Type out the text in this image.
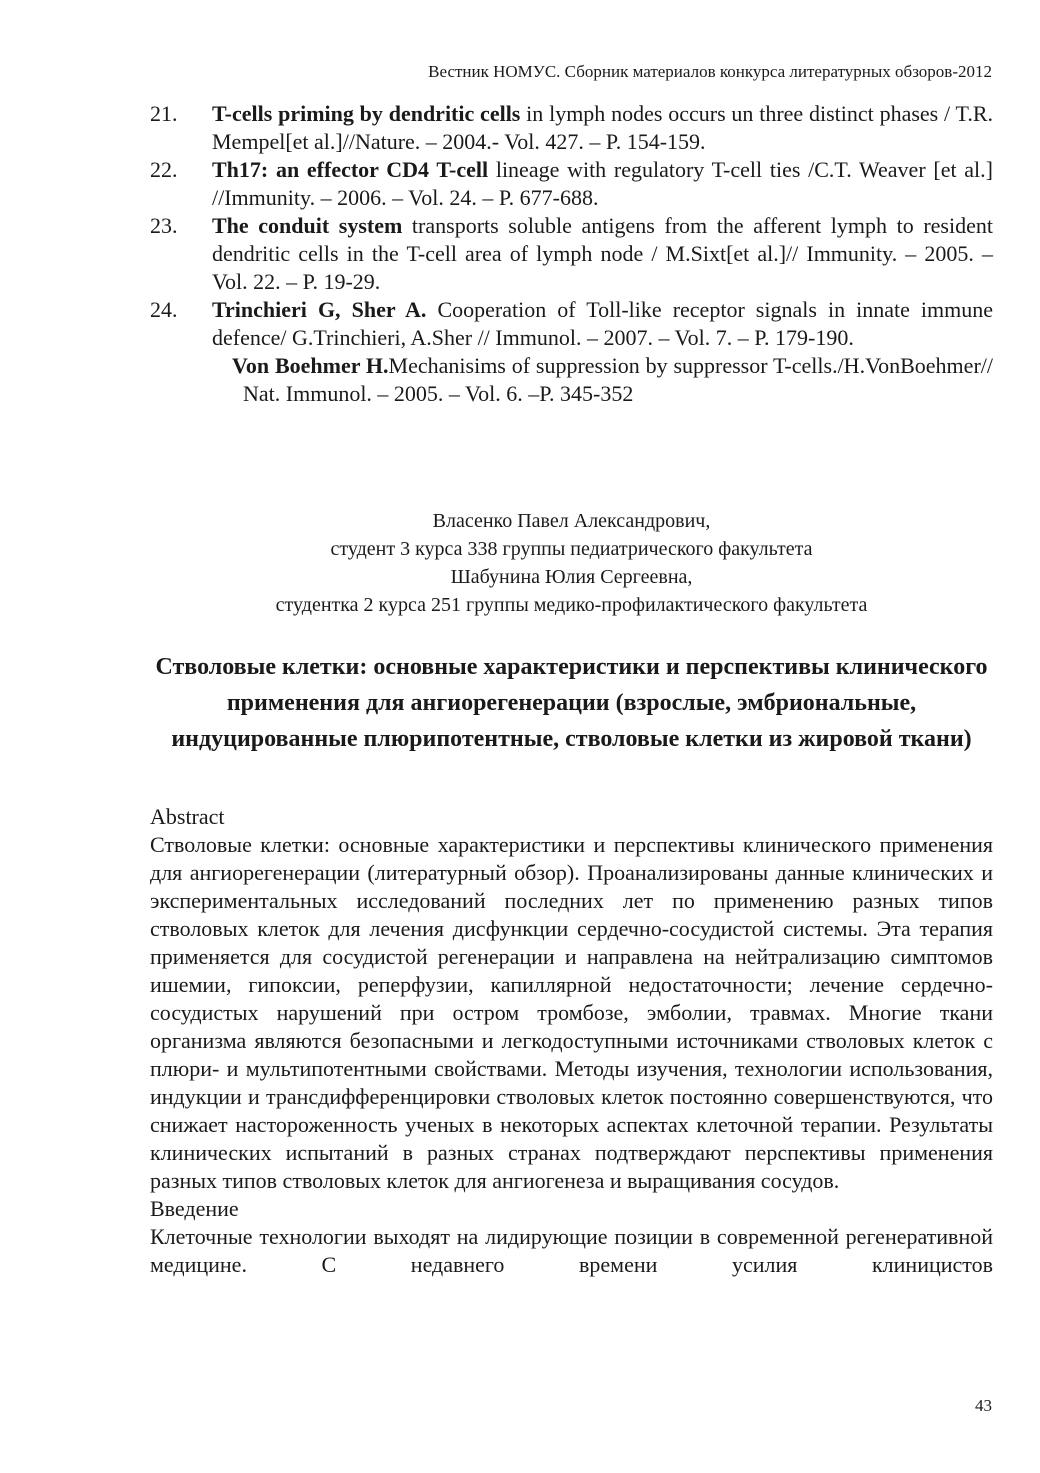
Вестник НОМУС. Сборник материалов конкурса литературных обзоров-2012
21.	T-cells priming by dendritic cells in lymph nodes occurs un three distinct phases / T.R. Mempel[et al.]//Nature. – 2004.- Vol. 427. – P. 154-159.
22.	Th17: an effector CD4 T-cell lineage with regulatory T-cell ties /C.T. Weaver [et al.] //Immunity. – 2006. – Vol. 24. – P. 677-688.
23.	The conduit system transports soluble antigens from the afferent lymph to resident dendritic cells in the T-cell area of lymph node / M.Sixt[et al.]// Immunity. – 2005. – Vol. 22. – P. 19-29.
24.	Trinchieri G, Sher A. Cooperation of Toll-like receptor signals in innate immune defence/ G.Trinchieri, A.Sher // Immunol. – 2007. – Vol. 7. – P. 179-190.
Von Boehmer H.Mechanisims of suppression by suppressor T-cells./H.VonBoehmer// Nat. Immunol. – 2005. – Vol. 6. –P. 345-352
Власенко Павел Александрович,
студент 3 курса 338 группы педиатрического факультета
Шабунина Юлия Сергеевна,
студентка 2 курса 251 группы медико-профилактического факультета
Стволовые клетки: основные характеристики и перспективы клинического применения для ангиорегенерации (взрослые, эмбриональные, индуцированные плюрипотентные, стволовые клетки из жировой ткани)
Abstract

Стволовые клетки: основные характеристики и перспективы клинического применения для ангиорегенерации (литературный обзор). Проанализированы данные клинических и экспериментальных исследований последних лет по применению разных типов стволовых клеток для лечения дисфункции сердечно-сосудистой системы. Эта терапия применяется для сосудистой регенерации и направлена на нейтрализацию симптомов ишемии, гипоксии, реперфузии, капиллярной недостаточности; лечение сердечно-сосудистых нарушений при остром тромбозе, эмболии, травмах. Многие ткани организма являются безопасными и легкодоступными источниками стволовых клеток с плюри- и мультипотентными свойствами. Методы изучения, технологии использования, индукции и трансдифференцировки стволовых клеток постоянно совершенствуются, что снижает настороженность ученых в некоторых аспектах клеточной терапии. Результаты клинических испытаний в разных странах подтверждают перспективы применения разных типов стволовых клеток для ангиогенеза и выращивания сосудов.

Введение

Клеточные технологии выходят на лидирующие позиции в современной регенеративной медицине. С недавнего времени усилия клиницистов

43
